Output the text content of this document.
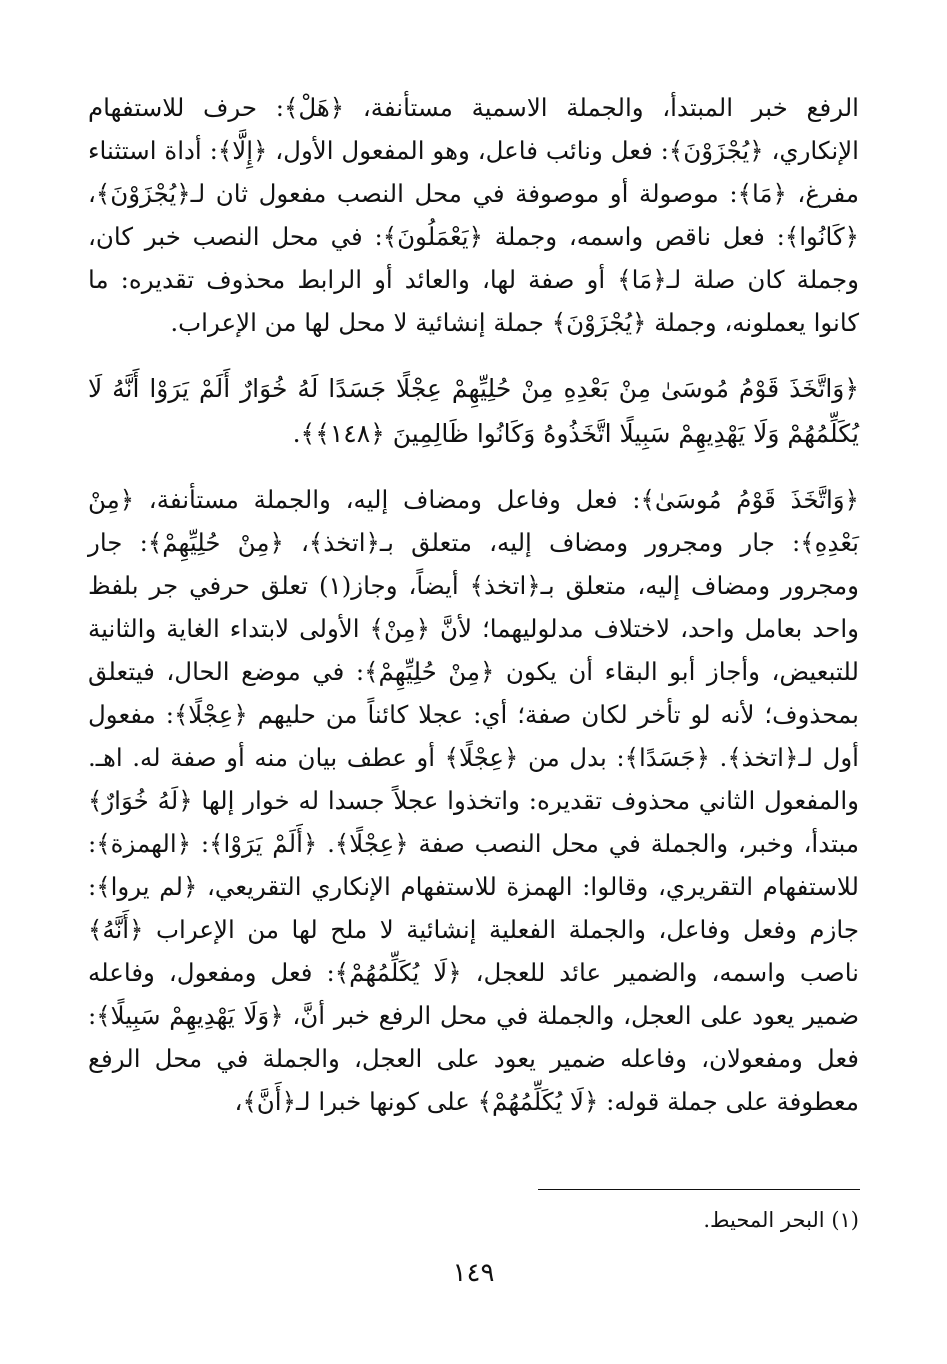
الرفع خبر المبتدأ، والجملة الاسمية مستأنفة، ﴿هَلْ﴾: حرف للاستفهام الإنكاري، ﴿يُجْزَوْنَ﴾: فعل ونائب فاعل، وهو المفعول الأول، ﴿إِلَّا﴾: أداة استثناء مفرغ، ﴿مَا﴾: موصولة أو موصوفة في محل النصب مفعول ثان لـ﴿يُجْزَوْنَ﴾، ﴿كَانُوا﴾: فعل ناقص واسمه، وجملة ﴿يَعْمَلُونَ﴾: في محل النصب خبر كان، وجملة كان صلة لـ﴿مَا﴾ أو صفة لها، والعائد أو الرابط محذوف تقديره: ما كانوا يعملونه، وجملة ﴿يُجْزَوْنَ﴾ جملة إنشائية لا محل لها من الإعراب.

﴿وَاتَّخَذَ قَوْمُ مُوسَىٰ مِنْ بَعْدِهِ مِنْ حُلِيِّهِمْ عِجْلًا جَسَدًا لَهُ خُوَارٌ أَلَمْ يَرَوْا أَنَّهُ لَا يُكَلِّمُهُمْ وَلَا يَهْدِيهِمْ سَبِيلًا اتَّخَذُوهُ وَكَانُوا ظَالِمِينَ ﴿١٤٨﴾﴾.

﴿وَاتَّخَذَ قَوْمُ مُوسَىٰ﴾: فعل وفاعل ومضاف إليه، والجملة مستأنفة، ﴿مِنْ بَعْدِهِ﴾: جار ومجرور ومضاف إليه، متعلق بـ﴿اتخذ﴾، ﴿مِنْ حُلِيِّهِمْ﴾: جار ومجرور ومضاف إليه، متعلق بـ﴿اتخذ﴾ أيضاً، وجاز(١) تعلق حرفي جر بلفظ واحد بعامل واحد، لاختلاف مدلوليهما؛ لأنَّ ﴿مِنْ﴾ الأولى لابتداء الغاية والثانية للتبعيض، وأجاز أبو البقاء أن يكون ﴿مِنْ حُلِيِّهِمْ﴾: في موضع الحال، فيتعلق بمحذوف؛ لأنه لو تأخر لكان صفة؛ أي: عجلا كائناً من حليهم ﴿عِجْلًا﴾: مفعول أول لـ﴿اتخذ﴾. ﴿جَسَدًا﴾: بدل من ﴿عِجْلًا﴾ أو عطف بيان منه أو صفة له. اهـ. والمفعول الثاني محذوف تقديره: واتخذوا عجلاً جسدا له خوار إلها ﴿لَهُ خُوَارٌ﴾ مبتدأ، وخبر، والجملة في محل النصب صفة ﴿عِجْلًا﴾. ﴿أَلَمْ يَرَوْا﴾: ﴿الهمزة﴾: للاستفهام التقريري، وقالوا: الهمزة للاستفهام الإنكاري التقريعي، ﴿لم يروا﴾: جازم وفعل وفاعل، والجملة الفعلية إنشائية لا ملح لها من الإعراب ﴿أَنَّهُ﴾ ناصب واسمه، والضمير عائد للعجل، ﴿لَا يُكَلِّمُهُمْ﴾: فعل ومفعول، وفاعله ضمير يعود على العجل، والجملة في محل الرفع خبر أنَّ، ﴿وَلَا يَهْدِيهِمْ سَبِيلًا﴾: فعل ومفعولان، وفاعله ضمير يعود على العجل، والجملة في محل الرفع معطوفة على جملة قوله: ﴿لَا يُكَلِّمُهُمْ﴾ على كونها خبرا لـ﴿أَنَّ﴾،

(١) البحر المحيط.
١٤٩
